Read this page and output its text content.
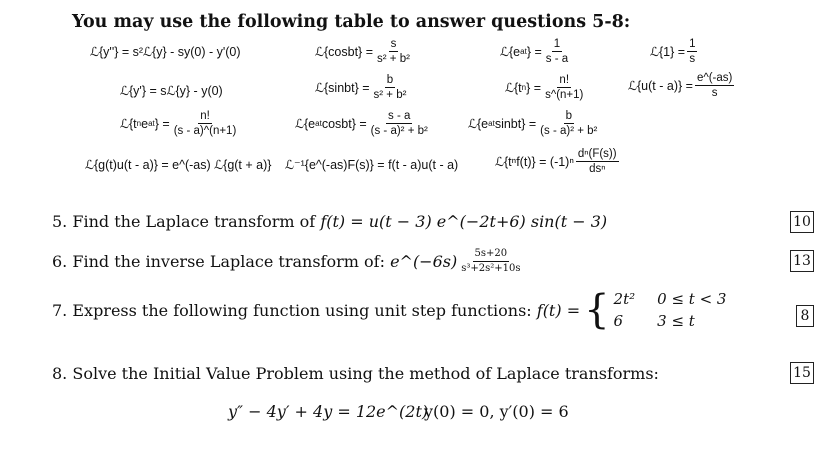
You may use the following table to answer questions 5-8:
ℒ{y''} = s²ℒ{y} - sy(0) - y'(0)	ℒ{cosbt} = $\frac{s}{\text{s² + b²}}$	ℒ{e at } = $\frac{1}{s - a}$	ℒ{1} = $\frac{1}{s}$
ℒ{y'} = sℒ{y} - y(0)	ℒ{sinbt} = $\frac{b}{\text{s² + b²}}$	ℒ{t n } = $\frac{n!}{s\^{}(n+1)}$	ℒ{u(t - $a)\} = \frac{e\^{}(-as)}{s}$
ℒ{t n e at } = $\frac{n!}{(s - a)\^{}(n+1)}$	ℒ{e at cosbt} = $\frac{s - a}{\text{(s - a)² + b²}}$	ℒ{e at sinbt} = $\frac{b}{\text{(s - a)² + b²}}$
ℒ{g(t)u(t - a)} = e^(-as) ℒ{g(t + a)} ℒ⁻¹{e^(-as)F(s)} = f(t - a)u(t - a)	ℒ{tⁿf(t)} = $(-1)^n \frac{\text{dⁿ(F(s))}}{\text{dsⁿ}}$
5.
Find the Laplace transform of
f(t) = u(t − 3) e^(−2t+6) sin(t − 3)	10
6.
Find the inverse Laplace transform of:
e^(−6s) $\frac{5s+20}{\text{s³+2s²+10s}}$	13
7.
Express the following function using unit step functions:
f(t) = { 2t² 0 ≤ t < 3
6	3 ≤ t	8
8.
Solve the Initial Value Problem using the method of Laplace transforms:	15
y″ − 4y′ + 4y = 12e^(2t)
y(0) = 0, y′(0) = 6
